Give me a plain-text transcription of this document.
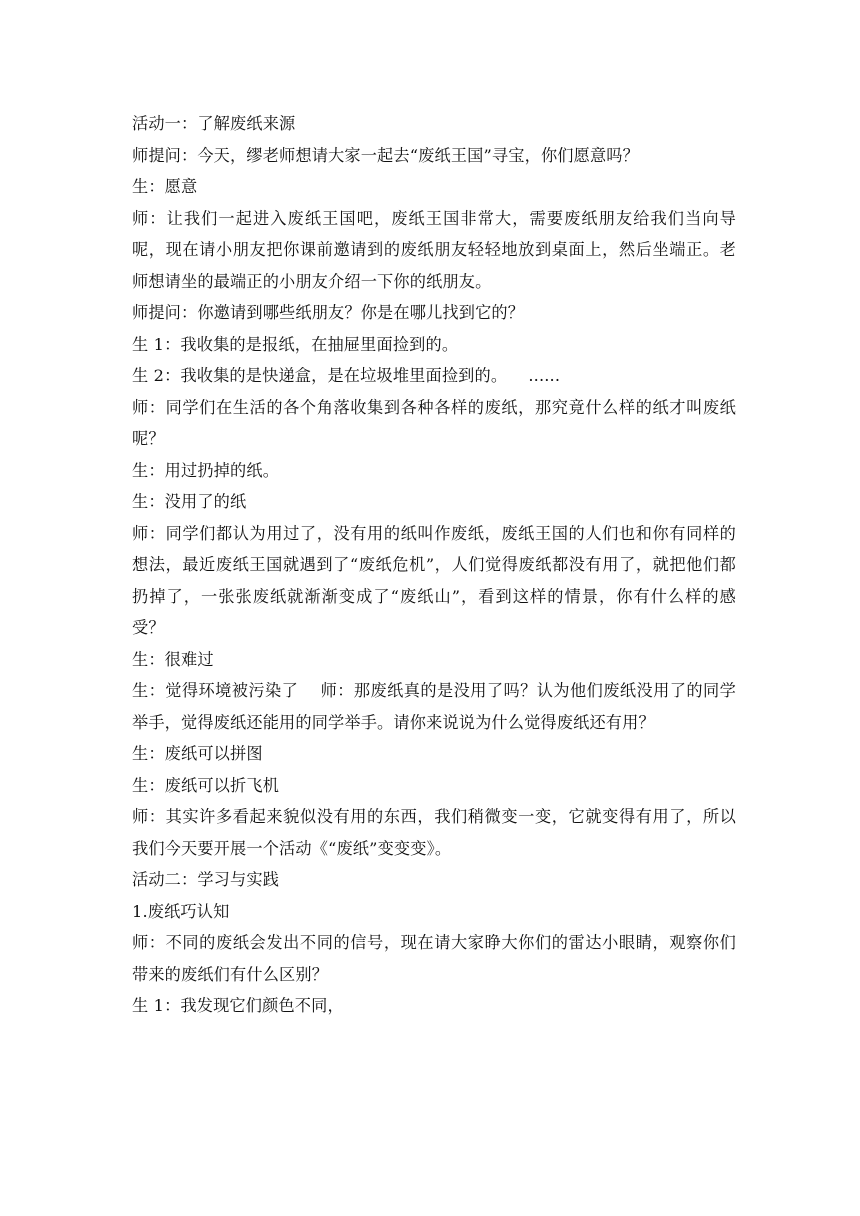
活动一：了解废纸来源

师提问：今天，缪老师想请大家一起去“废纸王国”寻宝，你们愿意吗？

生：愿意

师：让我们一起进入废纸王国吧，废纸王国非常大，需要废纸朋友给我们当向导呢，现在请小朋友把你课前邀请到的废纸朋友轻轻地放到桌面上，然后坐端正。老师想请坐的最端正的小朋友介绍一下你的纸朋友。

师提问：你邀请到哪些纸朋友？你是在哪儿找到它的？

生 1：我收集的是报纸，在抽屉里面捡到的。

生 2：我收集的是快递盒，是在垃圾堆里面捡到的。    ......

师：同学们在生活的各个角落收集到各种各样的废纸，那究竟什么样的纸才叫废纸呢？

生：用过扔掉的纸。

生：没用了的纸

师：同学们都认为用过了，没有用的纸叫作废纸，废纸王国的人们也和你有同样的想法，最近废纸王国就遇到了“废纸危机”，人们觉得废纸都没有用了，就把他们都扔掉了，一张张废纸就渐渐变成了“废纸山”，看到这样的情景，你有什么样的感受？

生：很难过

生：觉得环境被污染了    师：那废纸真的是没用了吗？认为他们废纸没用了的同学举手，觉得废纸还能用的同学举手。请你来说说为什么觉得废纸还有用？

生：废纸可以拼图

生：废纸可以折飞机

师：其实许多看起来貌似没有用的东西，我们稍微变一变，它就变得有用了，所以我们今天要开展一个活动《“废纸”变变变》。

活动二：学习与实践

1.废纸巧认知

师：不同的废纸会发出不同的信号，现在请大家睁大你们的雷达小眼睛，观察你们带来的废纸们有什么区别？

生 1：我发现它们颜色不同，
